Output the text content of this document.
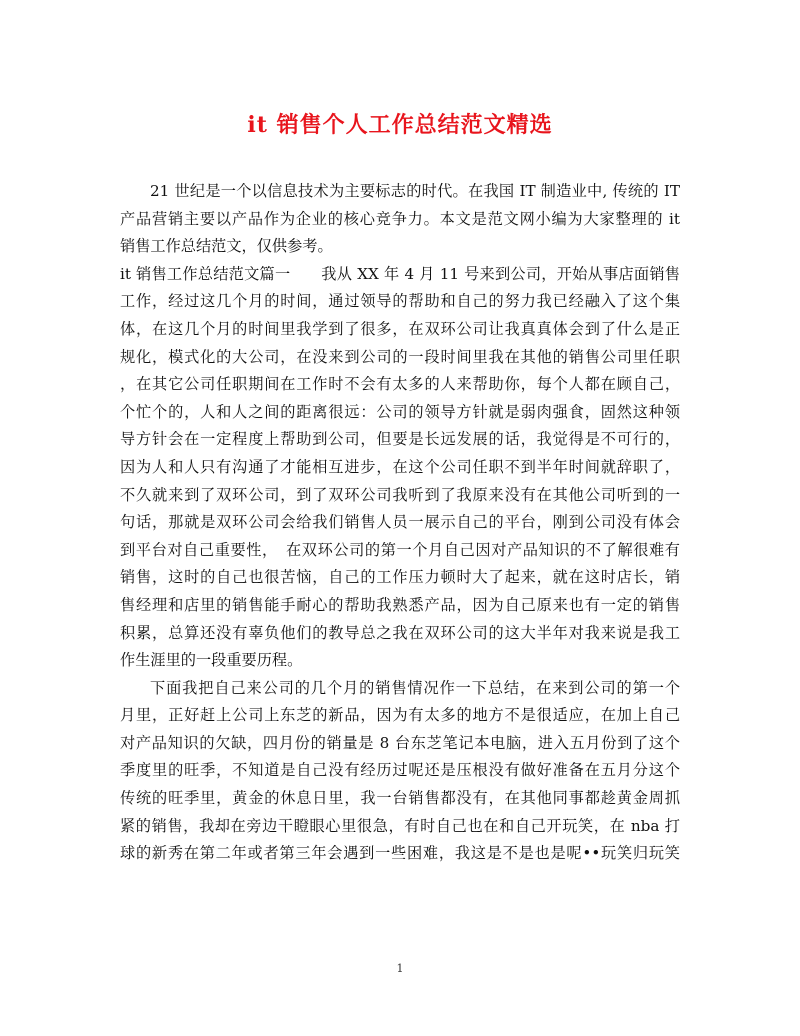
it 销售个人工作总结范文精选
21 世纪是一个以信息技术为主要标志的时代。在我国 IT 制造业中, 传统的 IT
产品营销主要以产品作为企业的核心竞争力。本文是范文网小编为大家整理的 it
销售工作总结范文，仅供参考。
it 销售工作总结范文篇一　　我从 XX 年 4 月 11 号来到公司，开始从事店面销售
工作，经过这几个月的时间，通过领导的帮助和自己的努力我已经融入了这个集
体，在这几个月的时间里我学到了很多，在双环公司让我真真体会到了什么是正
规化，模式化的大公司，在没来到公司的一段时间里我在其他的销售公司里任职
，在其它公司任职期间在工作时不会有太多的人来帮助你，每个人都在顾自己，
个忙个的，人和人之间的距离很远：公司的领导方针就是弱肉强食，固然这种领
导方针会在一定程度上帮助到公司，但要是长远发展的话，我觉得是不可行的，
因为人和人只有沟通了才能相互进步，在这个公司任职不到半年时间就辞职了，
不久就来到了双环公司，到了双环公司我听到了我原来没有在其他公司听到的一
句话，那就是双环公司会给我们销售人员一展示自己的平台，刚到公司没有体会
到平台对自己重要性，　在双环公司的第一个月自己因对产品知识的不了解很难有
销售，这时的自己也很苦恼，自己的工作压力顿时大了起来，就在这时店长，销
售经理和店里的销售能手耐心的帮助我熟悉产品，因为自己原来也有一定的销售
积累，总算还没有辜负他们的教导总之我在双环公司的这大半年对我来说是我工
作生涯里的一段重要历程。
下面我把自己来公司的几个月的销售情况作一下总结，在来到公司的第一个
月里，正好赶上公司上东芝的新品，因为有太多的地方不是很适应，在加上自己
对产品知识的欠缺，四月份的销量是 8 台东芝笔记本电脑，进入五月份到了这个
季度里的旺季，不知道是自己没有经历过呢还是压根没有做好准备在五月分这个
传统的旺季里，黄金的休息日里，我一台销售都没有，在其他同事都趁黄金周抓
紧的销售，我却在旁边干瞪眼心里很急，有时自己也在和自己开玩笑，在 nba 打
球的新秀在第二年或者第三年会遇到一些困难，我这是不是也是呢••玩笑归玩笑
1
